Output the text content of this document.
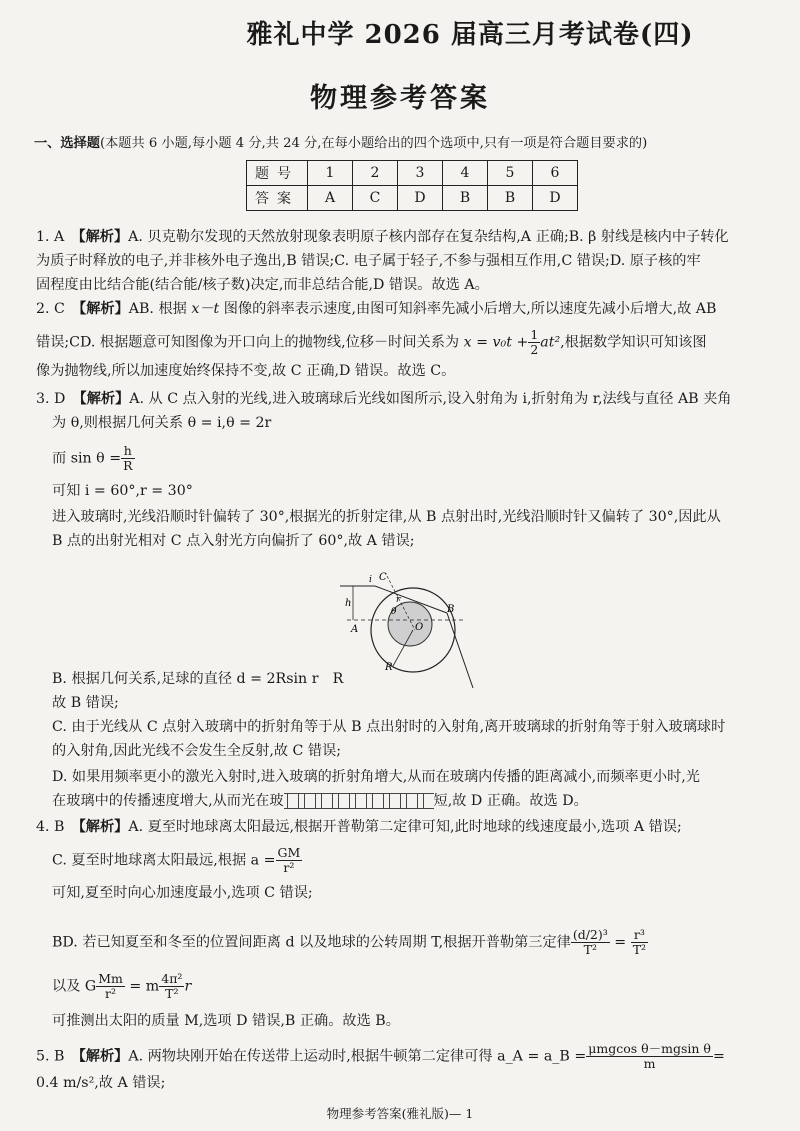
雅礼中学 2026 届高三月考试卷(四)
物理参考答案
一、选择题(本题共 6 小题,每小题 4 分,共 24 分,在每小题给出的四个选项中,只有一项是符合题目要求的)
题号	1	2	3	4	5	6
答案	A	C	D	B	B	D
1. A　 【解析】A. 贝克勒尔发现的天然放射现象表明原子核内部存在复杂结构,A 正确;B. β 射线是核内中子转化
为质子时释放的电子,并非核外电子逸出,B 错误;C. 电子属于轻子,不参与强相互作用,C 错误;D. 原子核的牢
固程度由比结合能(结合能/核子数)决定,而非总结合能,D 错误。故选 A。
2. C　 【解析】AB. 根据 x－t 图像的斜率表示速度,由图可知斜率先减小后增大,所以速度先减小后增大,故 AB
错误;CD. 根据题意可知图像为开口向上的抛物线,位移－时间关系为 $x = v_0t + \frac{1}{2} at^2$,根据数学知识可知该图
像为抛物线,所以加速度始终保持不变,故 C 正确,D 错误。故选 C。
3. D　 【解析】A. 从 C 点入射的光线,进入玻璃球后光线如图所示,设入射角为 i,折射角为 r,法线与直径 AB 夹角
为 θ,则根据几何关系 θ = i,θ = 2r
而 $\sin \theta = \frac{h}{R}$
可知 i = 60°,r = 30°
进入玻璃时,光线沿顺时针偏转了 30°,根据光的折射定律,从 B 点射出时,光线沿顺时针又偏转了 30°,因此从
B 点的出射光相对 C 点入射光方向偏折了 60°,故 A 错误;
C
h
i
θ
r
O
A
B
R
B. 根据几何关系,足球的直径 d = 2Rsin r　R
故 B 错误;
C. 由于光线从 C 点射入玻璃中的折射角等于从 B 点出射时的入射角,离开玻璃球的折射角等于射入玻璃球时
的入射角,因此光线不会发生全反射,故 C 错误;
D. 如果用频率更小的激光入射时,进入玻璃的折射角增大,从而在玻璃内传播的距离减小,而频率更小时,光
在玻璃中的传播速度增大,从而光在玻	短,故 D 正确。故选 D。
4. B　 【解析】A. 夏至时地球离太阳最远,根据开普勒第二定律可知,此时地球的线速度最小,选项 A 错误;
C. 夏至时地球离太阳最远,根据 $a = \frac{GM}{\text{r²}}$
可知,夏至时向心加速度最小,选项 C 错误;
BD. 若已知夏至和冬至的位置间距离 d 以及地球的公转周期 T,根据开普勒第三定律 $\frac{\text{(d/2)³}}{\text{T²}} = \frac{\text{r³}}{\text{T²}}$
以及 G $\frac{Mm}{\text{r²}} = m \frac{\text{4π²}}{\text{T²}}$ r
可推测出太阳的质量 M,选项 D 错误,B 正确。故选 B。
5. B　 【解析】A. 两物块刚开始在传送带上运动时,根据牛顿第二定律可得 a_A = a_B = $\frac{\text{μmgcos θ－mgsin θ}}{m}$ =
0.4 m/s²,故 A 错误;
物理参考答案(雅礼版)— 1
